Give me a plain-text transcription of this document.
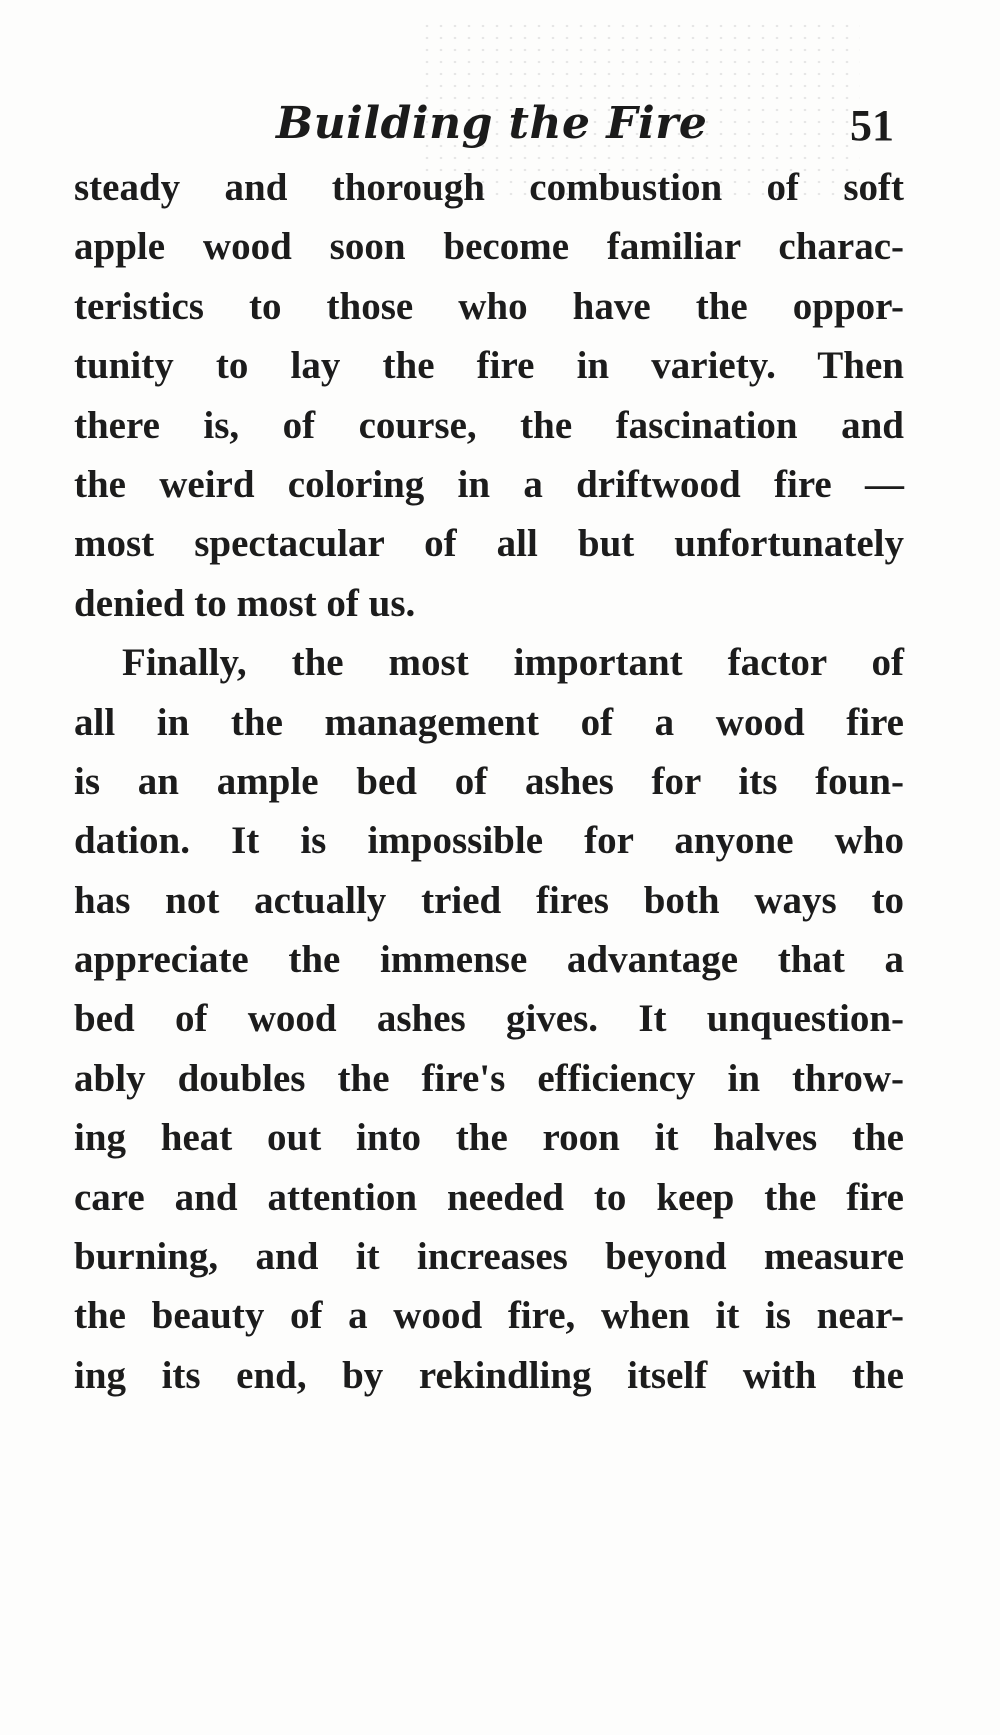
Building the Fire	51
steady and thorough combustion of soft
apple wood soon become familiar charac-
teristics to those who have the oppor-
tunity to lay the fire in variety. Then
there is, of course, the fascination and
the weird coloring in a driftwood fire —
most spectacular of all but unfortunately
denied to most of us.
Finally, the most important factor of
all in the management of a wood fire
is an ample bed of ashes for its foun-
dation. It is impossible for anyone who
has not actually tried fires both ways to
appreciate the immense advantage that a
bed of wood ashes gives. It unquestion-
ably doubles the fire's efficiency in throw-
ing heat out into the roon it halves the
care and attention needed to keep the fire
burning, and it increases beyond measure
the beauty of a wood fire, when it is near-
ing its end, by rekindling itself with the
